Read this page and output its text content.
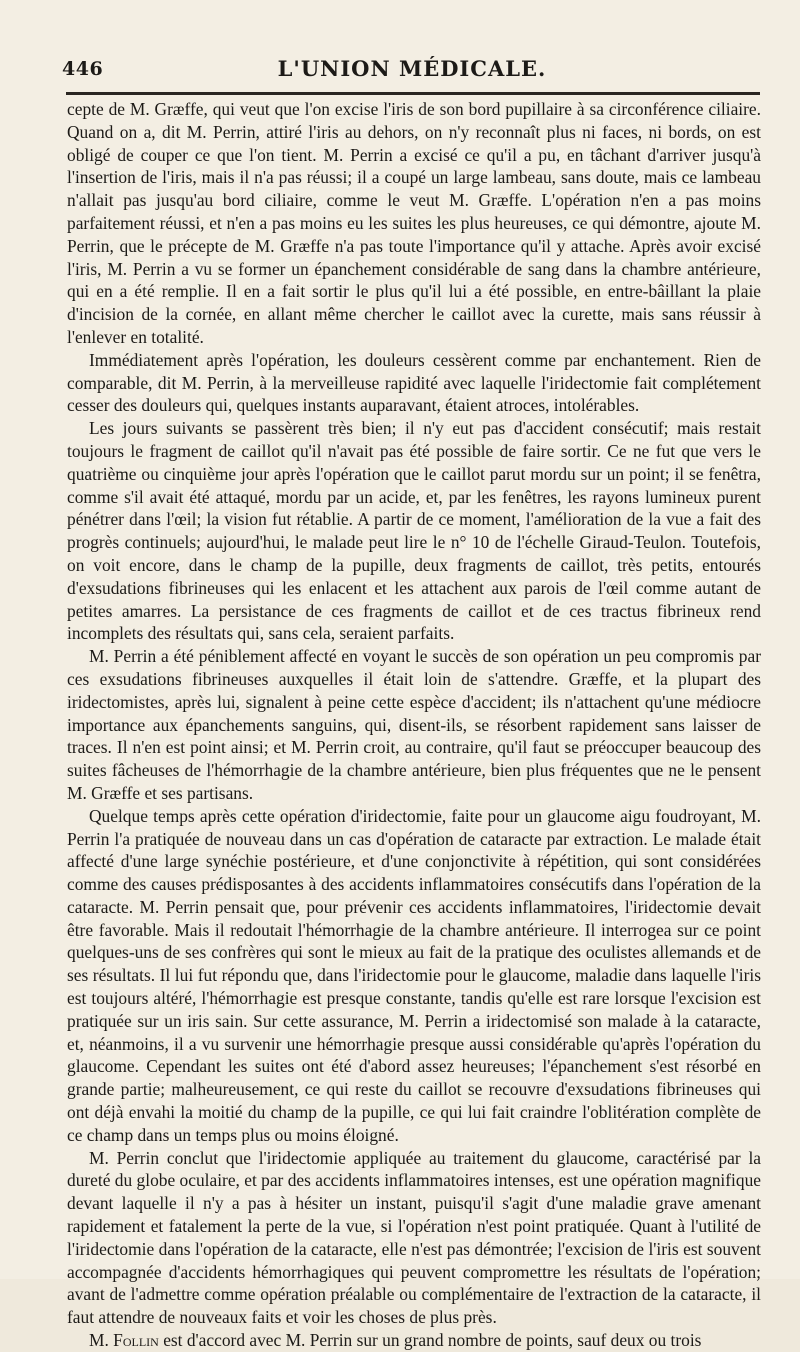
446	L'UNION MÉDICALE.

cepte de M. Græffe, qui veut que l'on excise l'iris de son bord pupillaire à sa circonférence ciliaire. Quand on a, dit M. Perrin, attiré l'iris au dehors, on n'y reconnaît plus ni faces, ni bords, on est obligé de couper ce que l'on tient. M. Perrin a excisé ce qu'il a pu, en tâchant d'arriver jusqu'à l'insertion de l'iris, mais il n'a pas réussi; il a coupé un large lambeau, sans doute, mais ce lambeau n'allait pas jusqu'au bord ciliaire, comme le veut M. Græffe. L'opération n'en a pas moins parfaitement réussi, et n'en a pas moins eu les suites les plus heureuses, ce qui démontre, ajoute M. Perrin, que le précepte de M. Græffe n'a pas toute l'importance qu'il y attache. Après avoir excisé l'iris, M. Perrin a vu se former un épanchement considérable de sang dans la chambre antérieure, qui en a été remplie. Il en a fait sortir le plus qu'il lui a été possible, en entre-bâillant la plaie d'incision de la cornée, en allant même chercher le caillot avec la curette, mais sans réussir à l'enlever en totalité.

Immédiatement après l'opération, les douleurs cessèrent comme par enchantement. Rien de comparable, dit M. Perrin, à la merveilleuse rapidité avec laquelle l'iridectomie fait complétement cesser des douleurs qui, quelques instants auparavant, étaient atroces, intolérables.

Les jours suivants se passèrent très bien; il n'y eut pas d'accident consécutif; mais restait toujours le fragment de caillot qu'il n'avait pas été possible de faire sortir. Ce ne fut que vers le quatrième ou cinquième jour après l'opération que le caillot parut mordu sur un point; il se fenêtra, comme s'il avait été attaqué, mordu par un acide, et, par les fenêtres, les rayons lumineux purent pénétrer dans l'œil; la vision fut rétablie. A partir de ce moment, l'amélioration de la vue a fait des progrès continuels; aujourd'hui, le malade peut lire le n° 10 de l'échelle Giraud-Teulon. Toutefois, on voit encore, dans le champ de la pupille, deux fragments de caillot, très petits, entourés d'exsudations fibrineuses qui les enlacent et les attachent aux parois de l'œil comme autant de petites amarres. La persistance de ces fragments de caillot et de ces tractus fibrineux rend incomplets des résultats qui, sans cela, seraient parfaits.

M. Perrin a été péniblement affecté en voyant le succès de son opération un peu compromis par ces exsudations fibrineuses auxquelles il était loin de s'attendre. Græffe, et la plupart des iridectomistes, après lui, signalent à peine cette espèce d'accident; ils n'attachent qu'une médiocre importance aux épanchements sanguins, qui, disent-ils, se résorbent rapidement sans laisser de traces. Il n'en est point ainsi; et M. Perrin croit, au contraire, qu'il faut se préoccuper beaucoup des suites fâcheuses de l'hémorrhagie de la chambre antérieure, bien plus fréquentes que ne le pensent M. Græffe et ses partisans.

Quelque temps après cette opération d'iridectomie, faite pour un glaucome aigu foudroyant, M. Perrin l'a pratiquée de nouveau dans un cas d'opération de cataracte par extraction. Le malade était affecté d'une large synéchie postérieure, et d'une conjonctivite à répétition, qui sont considérées comme des causes prédisposantes à des accidents inflammatoires consécutifs dans l'opération de la cataracte. M. Perrin pensait que, pour prévenir ces accidents inflammatoires, l'iridectomie devait être favorable. Mais il redoutait l'hémorrhagie de la chambre antérieure. Il interrogea sur ce point quelques-uns de ses confrères qui sont le mieux au fait de la pratique des oculistes allemands et de ses résultats. Il lui fut répondu que, dans l'iridectomie pour le glaucome, maladie dans laquelle l'iris est toujours altéré, l'hémorrhagie est presque constante, tandis qu'elle est rare lorsque l'excision est pratiquée sur un iris sain. Sur cette assurance, M. Perrin a iridectomisé son malade à la cataracte, et, néanmoins, il a vu survenir une hémorrhagie presque aussi considérable qu'après l'opération du glaucome. Cependant les suites ont été d'abord assez heureuses; l'épanchement s'est résorbé en grande partie; malheureusement, ce qui reste du caillot se recouvre d'exsudations fibrineuses qui ont déjà envahi la moitié du champ de la pupille, ce qui lui fait craindre l'oblitération complète de ce champ dans un temps plus ou moins éloigné.

M. Perrin conclut que l'iridectomie appliquée au traitement du glaucome, caractérisé par la dureté du globe oculaire, et par des accidents inflammatoires intenses, est une opération magnifique devant laquelle il n'y a pas à hésiter un instant, puisqu'il s'agit d'une maladie grave amenant rapidement et fatalement la perte de la vue, si l'opération n'est point pratiquée. Quant à l'utilité de l'iridectomie dans l'opération de la cataracte, elle n'est pas démontrée; l'excision de l'iris est souvent accompagnée d'accidents hémorrhagiques qui peuvent compromettre les résultats de l'opération; avant de l'admettre comme opération préalable ou complémentaire de l'extraction de la cataracte, il faut attendre de nouveaux faits et voir les choses de plus près.

M. Follin est d'accord avec M. Perrin sur un grand nombre de points, sauf deux ou trois
